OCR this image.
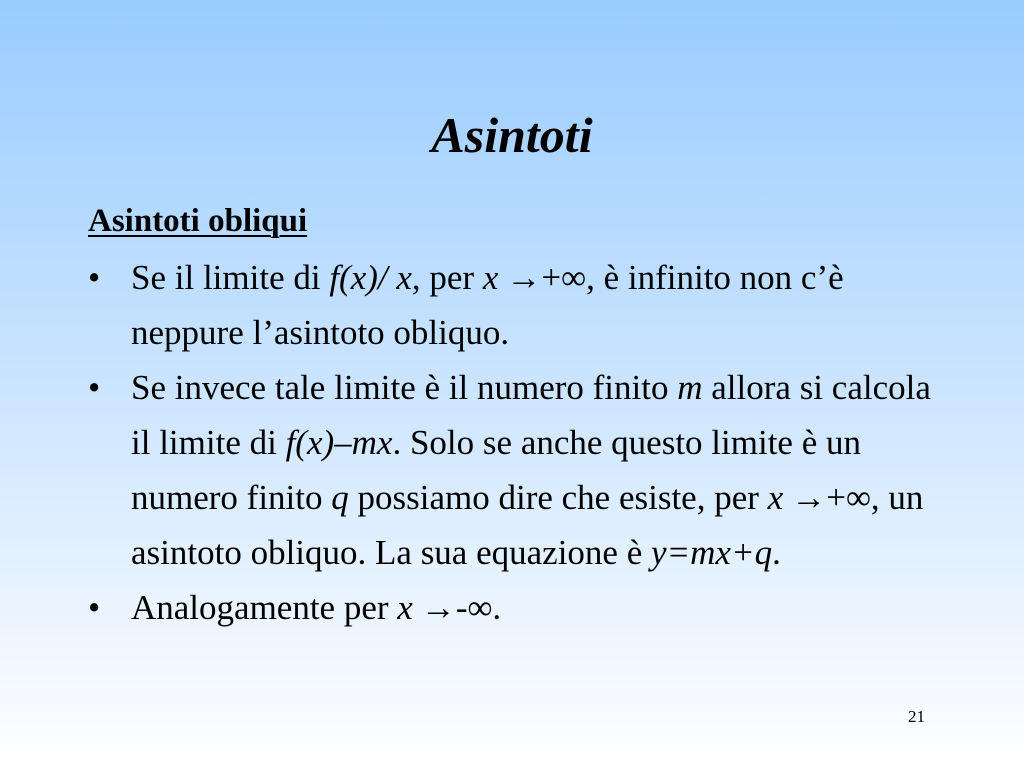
Asintoti
Asintoti obliqui
• Se il limite di f(x)/ x, per x →+∞, è infinito non c’è neppure l’asintoto obliquo.
• Se invece tale limite è il numero finito m allora si calcola il limite di f(x)–mx. Solo se anche questo limite è un numero finito q possiamo dire che esiste, per x →+∞, un asintoto obliquo. La sua equazione è y=mx+q.
• Analogamente per x →-∞.
21
